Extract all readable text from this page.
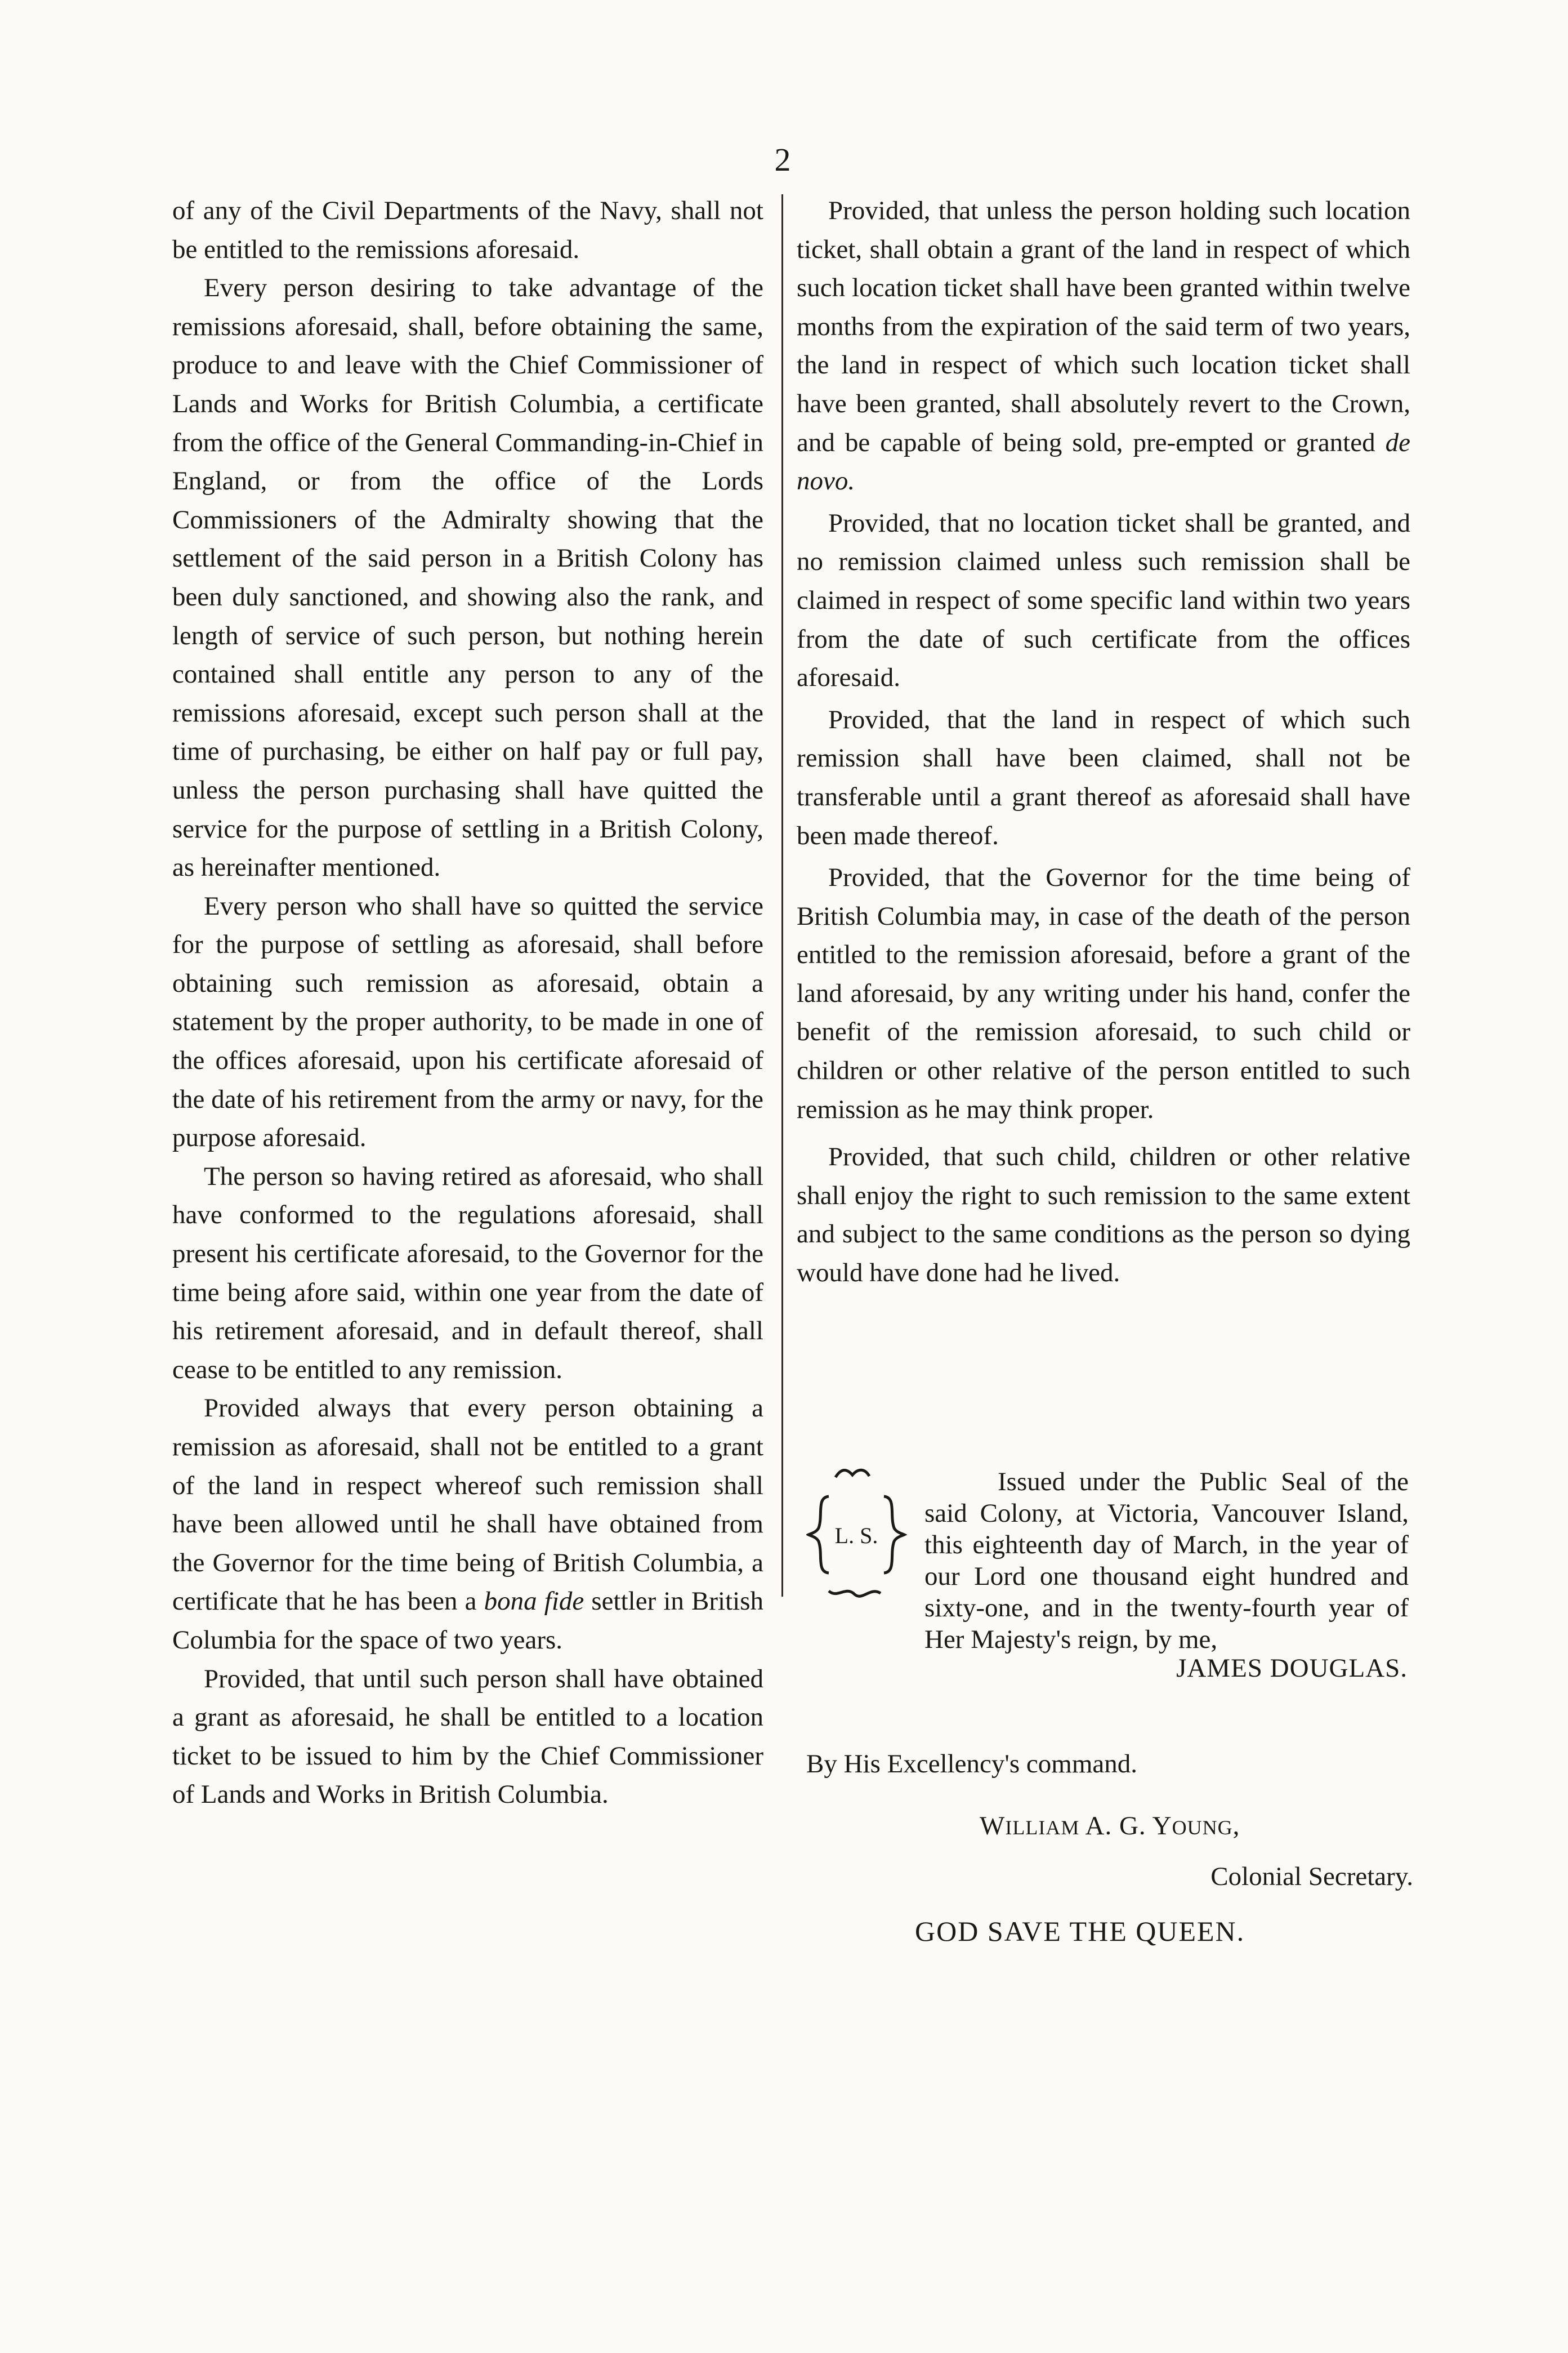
2

of any of the Civil Departments of the Navy, shall not be entitled to the remissions aforesaid.

Every person desiring to take advantage of the remissions aforesaid, shall, before obtaining the same, produce to and leave with the Chief Commissioner of Lands and Works for British Columbia, a certificate from the office of the General Commanding-in-Chief in England, or from the office of the Lords Commissioners of the Admiralty showing that the settlement of the said person in a British Colony has been duly sanctioned, and showing also the rank, and length of service of such person, but nothing herein contained shall entitle any person to any of the remissions aforesaid, except such person shall at the time of purchasing, be either on half pay or full pay, unless the person purchasing shall have quitted the service for the purpose of settling in a British Colony, as hereinafter mentioned.

Every person who shall have so quitted the service for the purpose of settling as aforesaid, shall before obtaining such remission as aforesaid, obtain a statement by the proper authority, to be made in one of the offices aforesaid, upon his certificate aforesaid of the date of his retirement from the army or navy, for the purpose aforesaid.

The person so having retired as aforesaid, who shall have conformed to the regulations aforesaid, shall present his certificate aforesaid, to the Governor for the time being afore said, within one year from the date of his retirement aforesaid, and in default thereof, shall cease to be entitled to any remission.

Provided always that every person obtaining a remission as aforesaid, shall not be entitled to a grant of the land in respect whereof such remission shall have been allowed until he shall have obtained from the Governor for the time being of British Columbia, a certificate that he has been a bona fide settler in British Columbia for the space of two years.

Provided, that until such person shall have obtained a grant as aforesaid, he shall be entitled to a location ticket to be issued to him by the Chief Commissioner of Lands and Works in British Columbia.

Provided, that unless the person holding such location ticket, shall obtain a grant of the land in respect of which such location ticket shall have been granted within twelve months from the expiration of the said term of two years, the land in respect of which such location ticket shall have been granted, shall absolutely revert to the Crown, and be capable of being sold, pre-empted or granted de novo.

Provided, that no location ticket shall be granted, and no remission claimed unless such remission shall be claimed in respect of some specific land within two years from the date of such certificate from the offices aforesaid.

Provided, that the land in respect of which such remission shall have been claimed, shall not be transferable until a grant thereof as aforesaid shall have been made thereof.

Provided, that the Governor for the time being of British Columbia may, in case of the death of the person entitled to the remission aforesaid, before a grant of the land aforesaid, by any writing under his hand, confer the benefit of the remission aforesaid, to such child or children or other relative of the person entitled to such remission as he may think proper.

Provided, that such child, children or other relative shall enjoy the right to such remission to the same extent and subject to the same conditions as the person so dying would have done had he lived.

L. S.
Issued under the Public Seal of the said Colony, at Victoria, Vancouver Island, this eighteenth day of March, in the year of our Lord one thousand eight hundred and sixty-one, and in the twenty-fourth year of Her Majesty's reign, by me,
JAMES DOUGLAS.
By His Excellency's command.
WILLIAM A. G. YOUNG,
Colonial Secretary.
GOD SAVE THE QUEEN.
